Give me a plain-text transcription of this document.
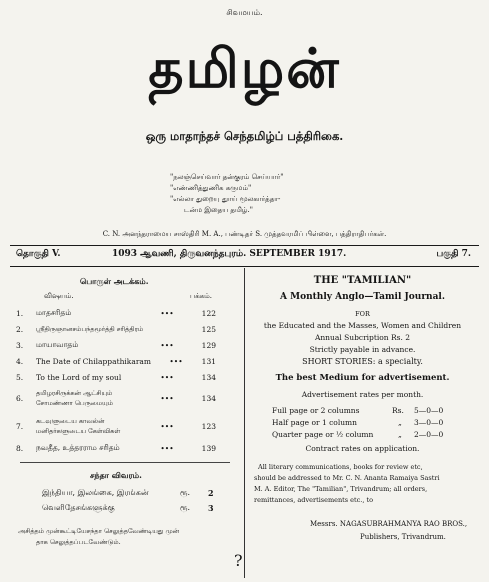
சிவமயம்.
தமிழன்
ஒரு மாதாந்தச் செந்தமிழ்ப் பத்திரிகை.
"நலஞ்செய்வார் தன்குரம் செய்யார்"
"எண்ணித்துணிக கருமம்"
"எல்லா துறையு துாய் மூலகார்த்தா-
டன்ம இதைய தமிழ்."
C. N. அனந்தராமைய சாஸ்திரி M. A., பண்டிதர் S. முத்தவரமிப் பிள்ளை, பத்திராதிபர்கள்.
தொகுதி V.	1093 ஆவணி, திருவனந்தபுரம். SEPTEMBER 1917.	பகுதி 7.
பொருள் அடக்கம்.
விஷயம்.	பக்கம்.
1.	மாதசரிதம்	•••	122
2.	ஸ்ரீதிருஞானசம்பந்தமூர்த்தி சரித்திரம்	125
3.	மாயாவாதம்	•••	129
4.	The Date of Chilappathikaram	•••	131
5.	To the Lord of my soul	•••	134
6.
தமிழரசிருக்கன் ஆட்சியும்
சோமண்ணா பெருமையும்
•••	134
7.
கடவுளுடைய காவல்ன்
மனிதர்களுடைய கேள்விகள்
•••	123
8.	நவதீத, உத்தரராம சரிதம்	•••	139
சந்தா விவரம்.
இந்தியா, இலங்கை, இரங்கன்	ரூ. 2
வெளிதேசங்களுக்கு	ரூ. 3
அசித்தம் முன்கூட்டியேசந்தா செலுத்தவேண்டியது முன்
தாக செலுத்தப்படவேண்டும்.
THE "TAMILIAN"
A Monthly Anglo—Tamil Journal.
FOR
the Educated and the Masses, Women and Children
Annual Subcription Rs. 2
Strictly payable in advance.
SHORT STORIES: a specialty.
The best Medium for advertisement.
Advertisement rates per month.
Full page or 2 columns	Rs. 5—0—0
Half page or 1 column	„ 3—0—0
Quarter page or ½ column	„ 2—0—0
Contract rates on application.
All literary communications, books for review etc,
should be addressed to Mr. C. N. Ananta Ramaiya Sastri
M. A. Editor, The "Tamilian", Trivandrum; all orders,
remittances, advertisements etc., to
Messrs. NAGASUBRAHMANYA RAO BROS.,
Publishers, Trivandrum.
?
